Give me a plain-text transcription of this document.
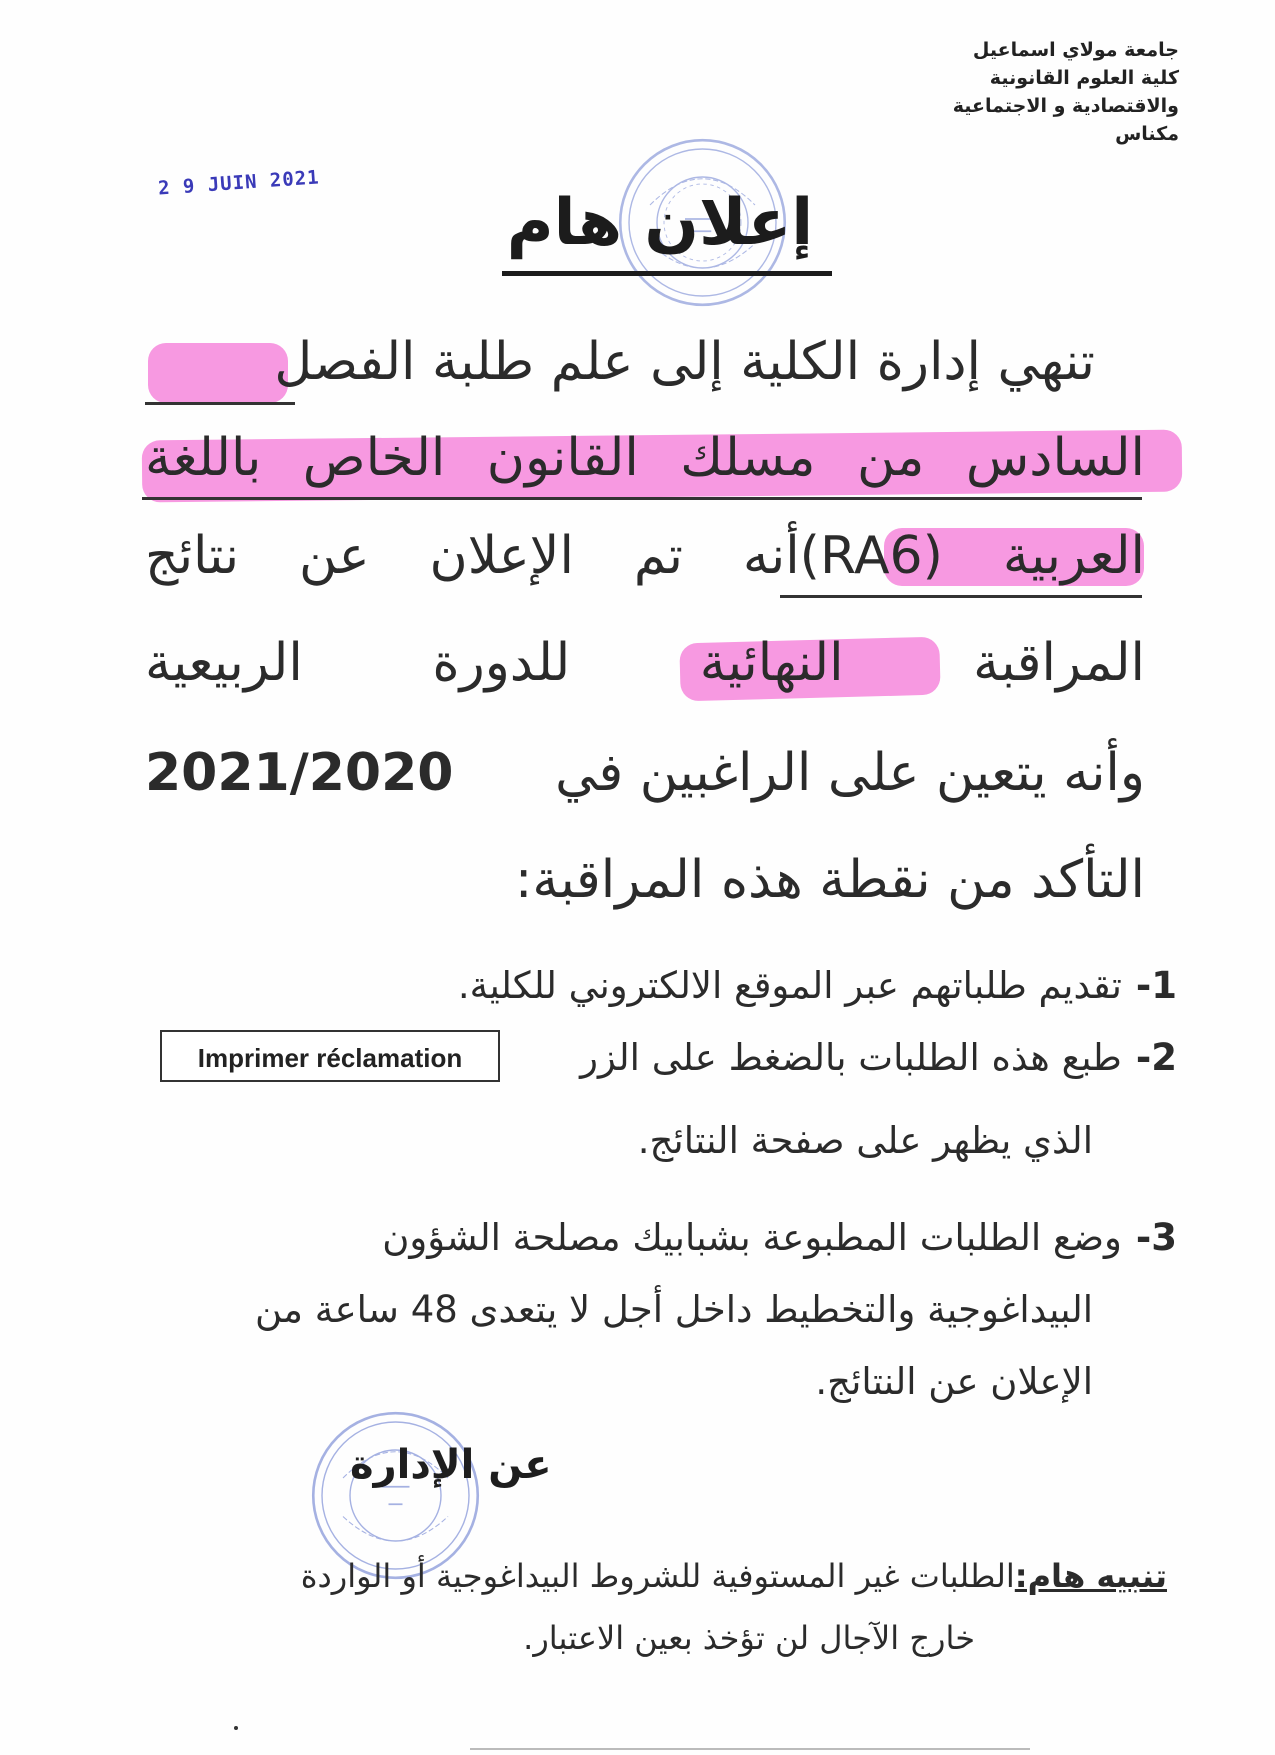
جامعة مولاي اسماعيل
كلية العلوم القانونية
والاقتصادية و الاجتماعية
مكناس
2 9 JUIN 2021
إعلان هام
تنهي إدارة الكلية إلى علم طلبة الفصل
السادس من مسلك القانون الخاص باللغة
العربية (RA6)أنه تم الإعلان عن نتائج
المراقبة النهائية للدورة الربيعية
وأنه يتعين على الراغبين في 2021/2020
التأكد من نقطة هذه المراقبة:
1-تقديم طلباتهم عبر الموقع الالكتروني للكلية.
2-طبع هذه الطلبات بالضغط على الزر
Imprimer réclamation
الذي يظهر على صفحة النتائج.
3-وضع الطلبات المطبوعة بشبابيك مصلحة الشؤون
البيداغوجية والتخطيط داخل أجل لا يتعدى 48 ساعة من
الإعلان عن النتائج.
عن الإدارة
تنبيه هام:الطلبات غير المستوفية للشروط البيداغوجية أو الواردة
خارج الآجال لن تؤخذ بعين الاعتبار.
